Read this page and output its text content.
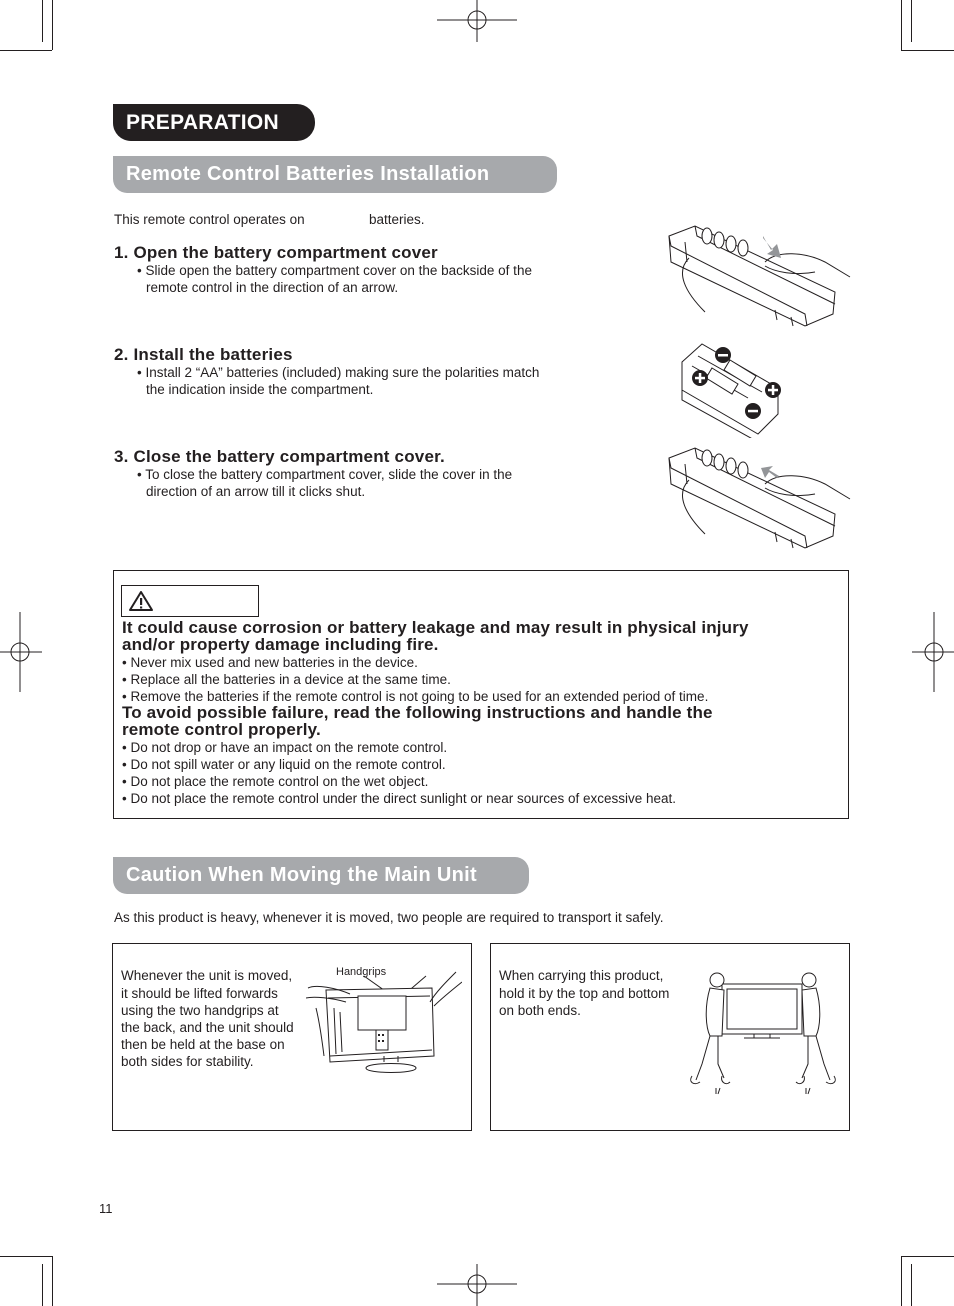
PREPARATION
Remote Control Batteries Installation
This remote control operates on	batteries.
1. Open the battery compartment cover
• Slide open the battery compartment cover on the backside of the
remote control in the direction of an arrow.
2. Install the batteries
• Install 2 “AA” batteries (included) making sure the polarities match
the indication inside the compartment.
3. Close the battery compartment cover.
• To close the battery compartment cover, slide the cover in the
direction of an arrow till it clicks shut.
It could cause corrosion or battery leakage and may result in physical injury
and/or property damage including fire.
• Never mix used and new batteries in the device.
• Replace all the batteries in a device at the same time.
• Remove the batteries if the remote control is not going to be used for an extended period of time.
To avoid possible failure, read the following instructions and handle the
remote control properly.
• Do not drop or have an impact on the remote control.
• Do not spill water or any liquid on the remote control.
• Do not place the remote control on the wet object.
• Do not place the remote control under the direct sunlight or near sources of excessive heat.
Caution When Moving the Main Unit
As this product is heavy, whenever it is moved, two people are required to transport it safely.
Whenever the unit is moved,
it should be lifted forwards
using the two handgrips at
the back, and the unit should
then be held at the base on
both sides for stability.
Handgrips	When carrying this product,
hold it by the top and bottom
on both ends.
11
